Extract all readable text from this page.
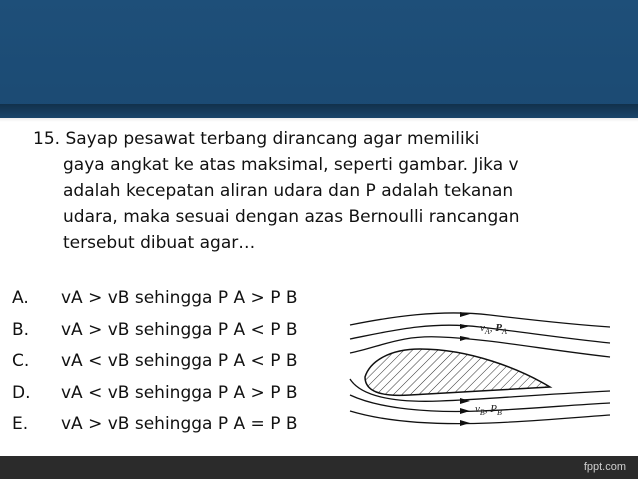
15. Sayap pesawat terbang dirancang agar memiliki
gaya angkat ke atas maksimal, seperti gambar. Jika v
adalah kecepatan aliran udara dan P adalah tekanan
udara, maka sesuai dengan azas Bernoulli rancangan
tersebut dibuat agar…
$v_A$, $P_A$
$v_B$, $P_B$
A. vA > vB sehingga P A > P B
B. vA > vB sehingga P A < P B
C. vA < vB sehingga P A < P B
D. vA < vB sehingga P A > P B
E. vA > vB sehingga P A = P B
fppt.com
